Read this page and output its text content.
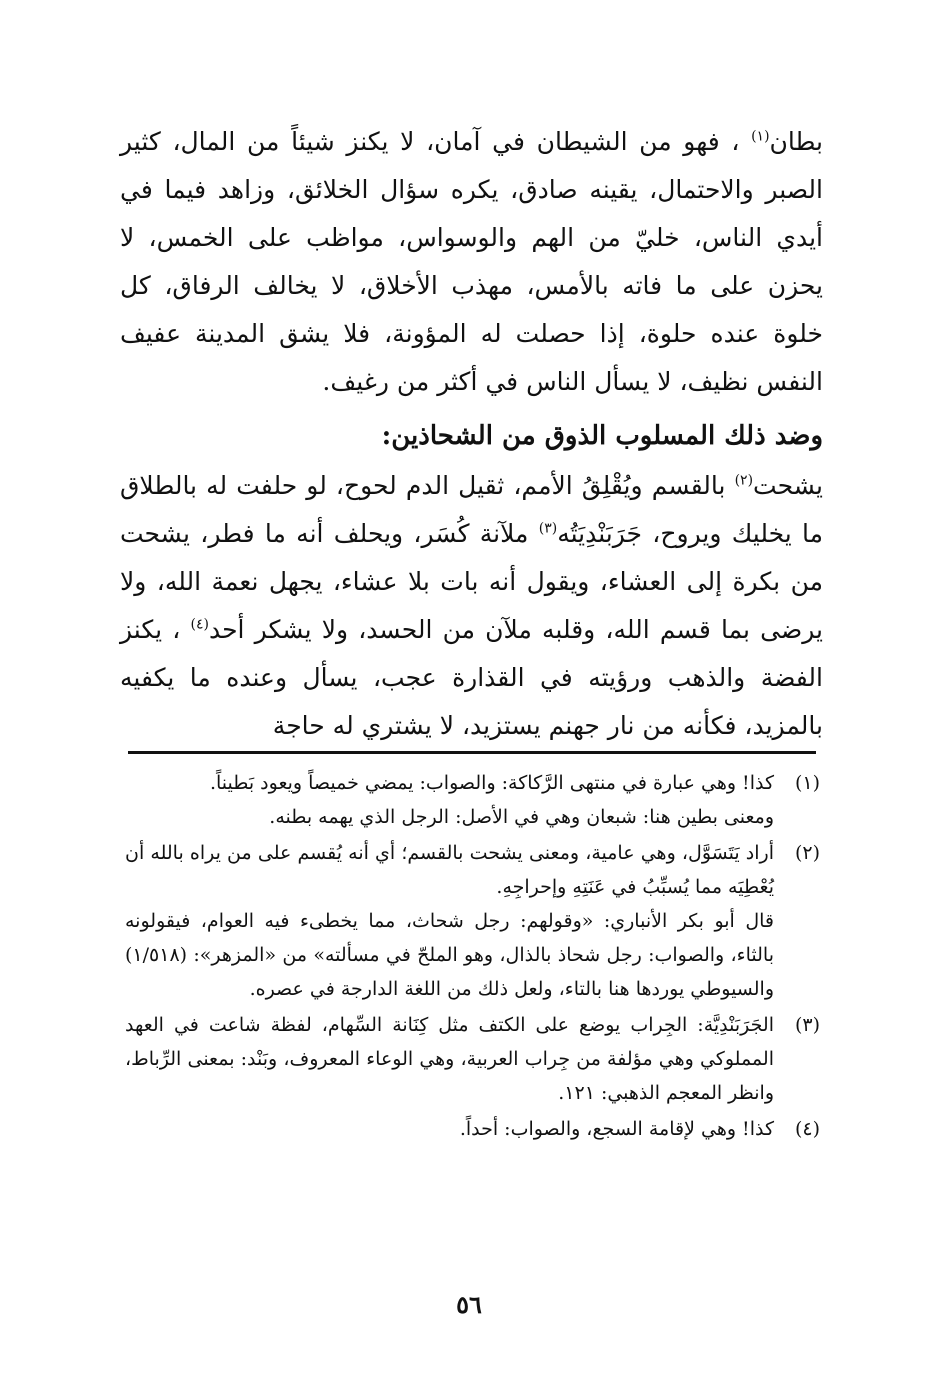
بطان$^{(١)}$ ، فهو من الشيطان في آمان، لا يكنز شيئاً من المال، كثير الصبر والاحتمال، يقينه صادق، يكره سؤال الخلائق، وزاهد فيما في أيدي الناس، خليّ من الهم والوسواس، مواظب على الخمس، لا يحزن على ما فاته بالأمس، مهذب الأخلاق، لا يخالف الرفاق، كل خلوة عنده حلوة، إذا حصلت له المؤونة، فلا يشق المدينة عفيف النفس نظيف، لا يسأل الناس في أكثر من رغيف.

وضد ذلك المسلوب الذوق من الشحاذين:

يشحت$^{(٢)}$ بالقسم ويُقْلِقُ الأمم، ثقيل الدم لحوح، لو حلفت له بالطلاق ما يخليك ويروح، جَرَبَنْدِيَتُه$^{(٣)}$ ملآنة كُسَر، ويحلف أنه ما فطر، يشحت من بكرة إلى العشاء، ويقول أنه بات بلا عشاء، يجهل نعمة الله، ولا يرضى بما قسم الله، وقلبه ملآن من الحسد، ولا يشكر أحد$^{(٤)}$ ، يكنز الفضة والذهب ورؤيته في القذارة عجب، يسأل وعنده ما يكفيه بالمزيد، فكأنه من نار جهنم يستزيد، لا يشتري له حاجة

(١)

كذا! وهي عبارة في منتهى الرَّكاكة: والصواب: يمضي خميصاً ويعود بَطيناً.

ومعنى بطين هنا: شبعان وهي في الأصل: الرجل الذي يهمه بطنه.

(٢)

أراد يَتَسَوَّل، وهي عامية، ومعنى يشحت بالقسم؛ أي أنه يُقسم على من يراه بالله أن يُعْطِيَه مما يُسبِّبُ في عَنَتِهِ وإحراجِهِ.

قال أبو بكر الأنباري: «وقولهم: رجل شحاث، مما يخطىء فيه العوام، فيقولونه بالثاء، والصواب: رجل شحاذ بالذال، وهو الملحّ في مسألته» من «المزهر»: (١/٥١٨) والسيوطي يوردها هنا بالتاء، ولعل ذلك من اللغة الدارجة في عصره.

(٣)

الجَرَبَنْدِيَّة: الجِراب يوضع على الكتف مثل كِنَانة السِّهام، لفظة شاعت في العهد المملوكي وهي مؤلفة من جِراب العربية، وهي الوعاء المعروف، وبَنْد: بمعنى الرِّباط، وانظر المعجم الذهبي: ١٢١.

(٤)

كذا! وهي لإقامة السجع، والصواب: أحداً.

٥٦
